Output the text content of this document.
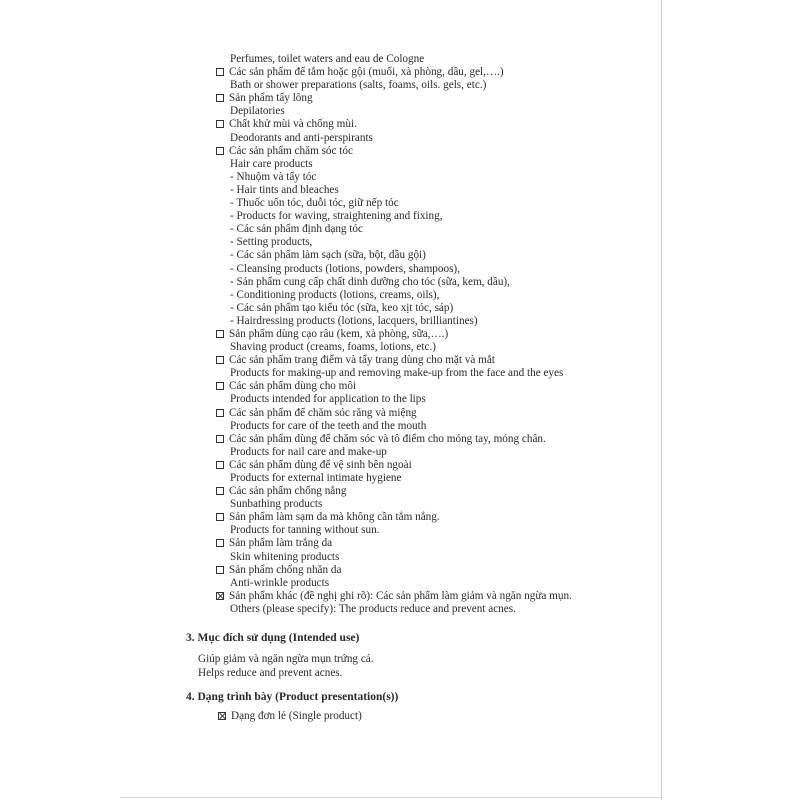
Perfumes, toilet waters and eau de Cologne
Các sản phẩm để tắm hoặc gội (muối, xà phòng, dầu, gel,….)
Bath or shower preparations (salts, foams, oils. gels, etc.)
Sản phẩm tẩy lông
Depilatories
Chất khử mùi và chống mùi.
Deodorants and anti-perspirants
Các sản phẩm chăm sóc tóc
Hair care products
- Nhuộm và tẩy tóc
- Hair tints and bleaches
- Thuốc uốn tóc, duỗi tóc, giữ nếp tóc
- Products for waving, straightening and fixing,
- Các sản phẩm định dạng tóc
- Setting products,
- Các sản phẩm làm sạch (sữa, bột, dầu gội)
- Cleansing products (lotions, powders, shampoos),
- Sản phẩm cung cấp chất dinh dưỡng cho tóc (sữa, kem, dầu),
- Conditioning products (lotions, creams, oils),
- Các sản phẩm tạo kiểu tóc (sữa, keo xịt tóc, sáp)
- Hairdressing products (lotions, lacquers, brilliantines)
Sản phẩm dùng cạo râu (kem, xà phòng, sữa,….)
Shaving product (creams, foams, lotions, etc.)
Các sản phẩm trang điểm và tẩy trang dùng cho mặt và mắt
Products for making-up and removing make-up from the face and the eyes
Các sản phẩm dùng cho môi
Products intended for application to the lips
Các sản phẩm để chăm sóc răng và miệng
Products for care of the teeth and the mouth
Các sản phẩm dùng để chăm sóc và tô điểm cho móng tay, móng chân.
Products for nail care and make-up
Các sản phẩm dùng để vệ sinh bên ngoài
Products for external intimate hygiene
Các sản phẩm chống nắng
Sunbathing products
Sản phẩm làm sạm da mà không cần tắm nắng.
Products for tanning without sun.
Sản phẩm làm trắng da
Skin whitening products
Sản phẩm chống nhăn da
Anti-wrinkle products
Sản phẩm khác (đề nghị ghi rõ): Các sản phẩm làm giảm và ngăn ngừa mụn.
Others (please specify): The products reduce and prevent acnes.
3. Mục đích sử dụng (Intended use)
Giúp giảm và ngăn ngừa mụn trứng cá.
Helps reduce and prevent acnes.
4. Dạng trình bày (Product presentation(s))
Dạng đơn lẻ (Single product)
